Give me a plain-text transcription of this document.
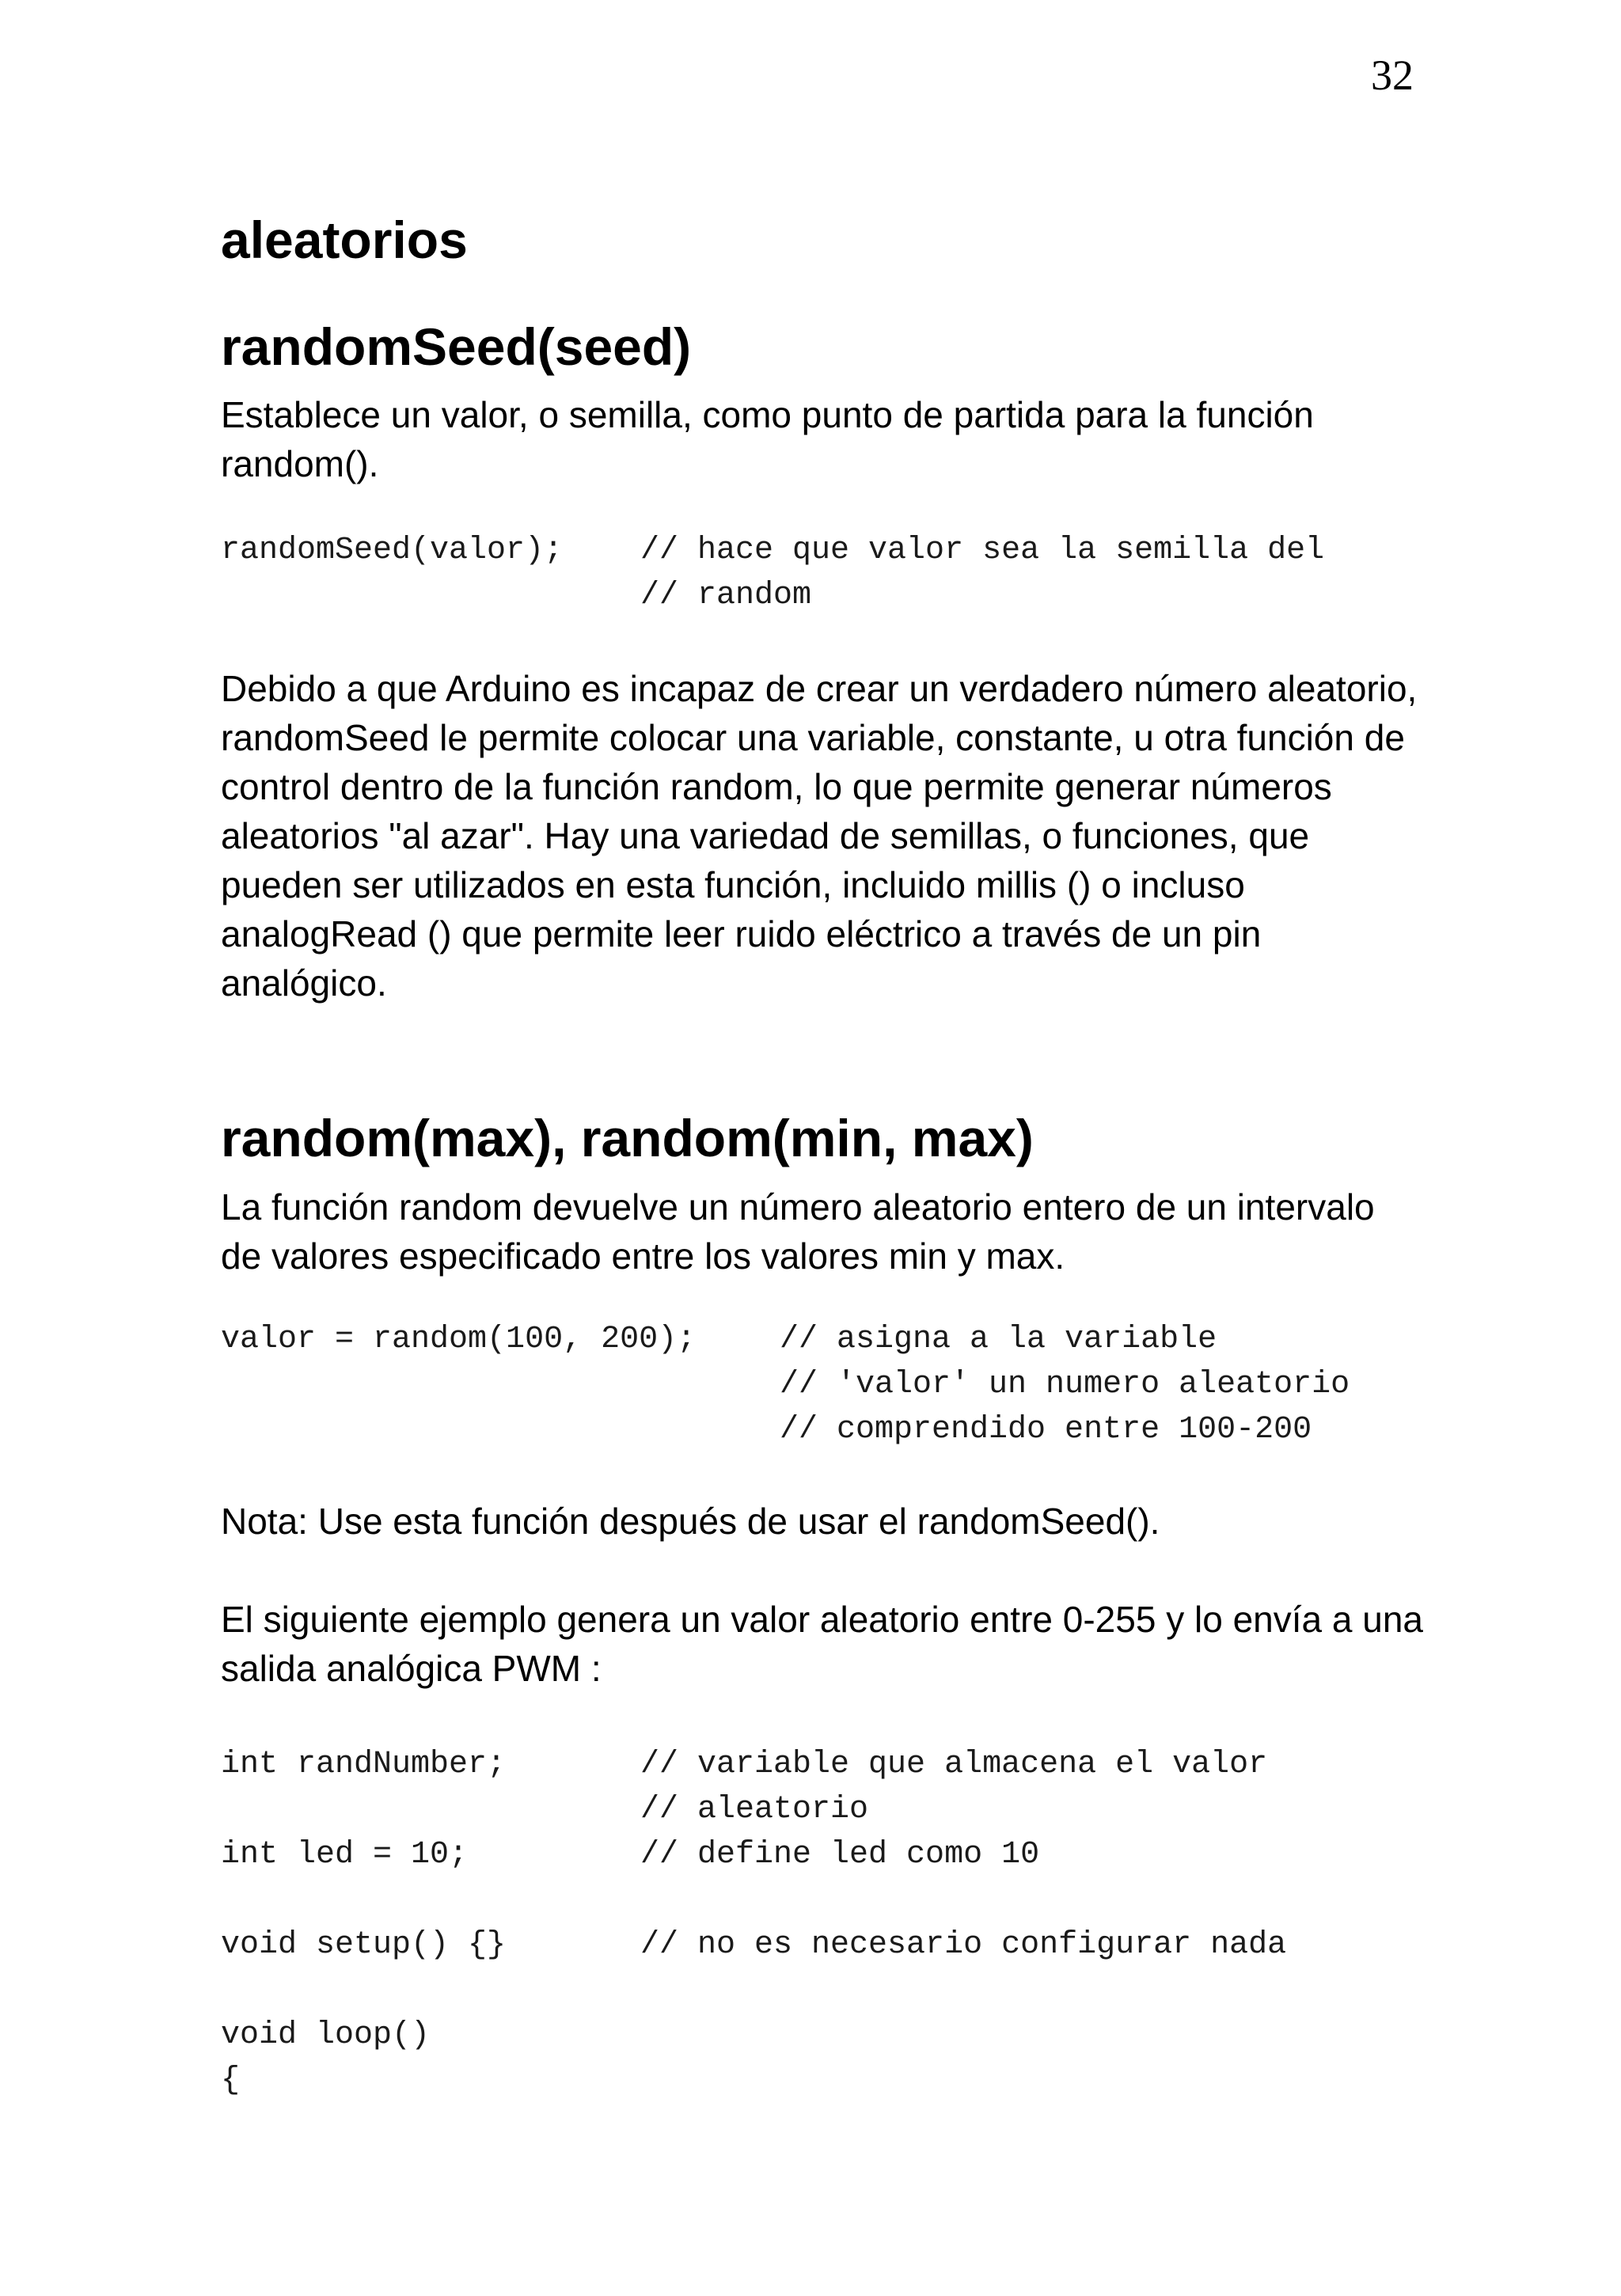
32
aleatorios
randomSeed(seed)

Establece un valor, o semilla, como punto de partida para la función random().

randomSeed(valor);	// hace que valor sea la semilla del
// random

Debido a que Arduino es incapaz de crear un verdadero número aleatorio, randomSeed le permite colocar una variable, constante, u otra función de control dentro de la función random, lo que permite generar números aleatorios "al azar". Hay una variedad de semillas, o funciones, que pueden ser utilizados en esta función, incluido millis () o incluso analogRead () que permite leer ruido eléctrico a través de un pin analógico.

random(max), random(min, max)

La función random devuelve un número aleatorio entero de un intervalo de valores especificado entre los valores min y max.

valor = random(100, 200);	// asigna a la variable
// 'valor' un numero aleatorio
// comprendido entre 100-200

Nota: Use esta función después de usar el randomSeed().

El siguiente ejemplo genera un valor aleatorio entre 0-255 y lo envía a una salida analógica PWM :

int randNumber;	// variable que almacena el valor
// aleatorio
int led = 10;	// define led como 10
void setup() {}	// no es necesario configurar nada
void loop()
{
